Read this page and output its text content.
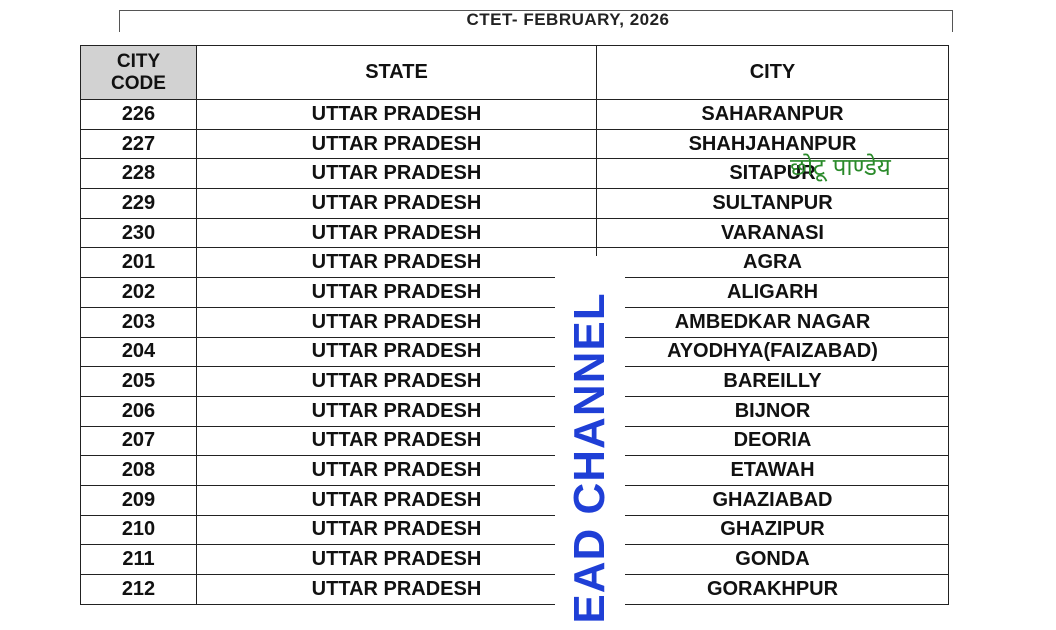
CTET- FEBRUARY, 2026
CITY
CODE	STATE	CITY
226	UTTAR PRADESH	SAHARANPUR
227	UTTAR PRADESH	SHAHJAHANPUR
228	UTTAR PRADESH	SITAPUR
229	UTTAR PRADESH	SULTANPUR
230	UTTAR PRADESH	VARANASI
201	UTTAR PRADESH	AGRA
202	UTTAR PRADESH	ALIGARH
203	UTTAR PRADESH	AMBEDKAR NAGAR
204	UTTAR PRADESH	AYODHYA(FAIZABAD)
205	UTTAR PRADESH	BAREILLY
206	UTTAR PRADESH	BIJNOR
207	UTTAR PRADESH	DEORIA
208	UTTAR PRADESH	ETAWAH
209	UTTAR PRADESH	GHAZIABAD
210	UTTAR PRADESH	GHAZIPUR
211	UTTAR PRADESH	GONDA
212	UTTAR PRADESH	GORAKHPUR
EAD CHANNEL
छोटू पाण्डेय
